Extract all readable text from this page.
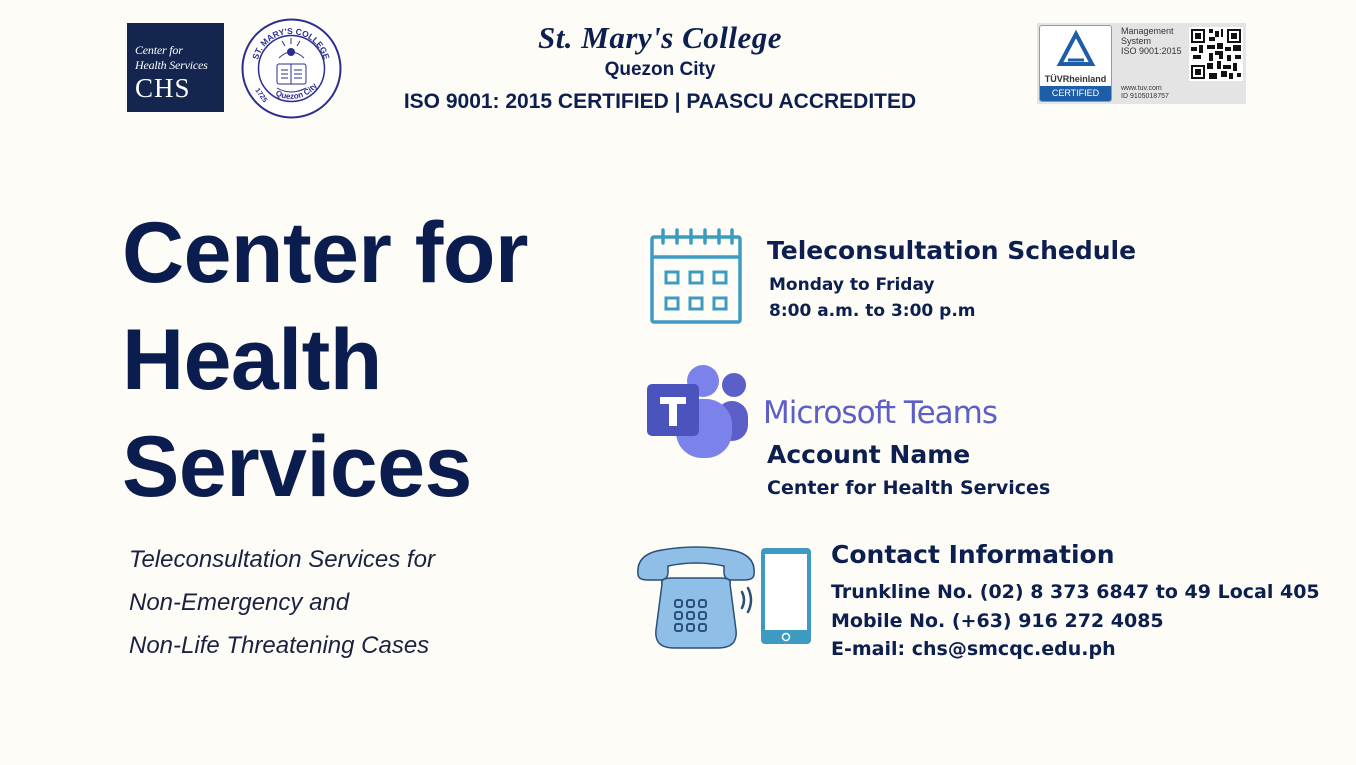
Center for
Health Services
CHS
ST. MARY'S COLLEGE
Quezon City
1725
St. Mary's College
Quezon City
ISO 9001: 2015 CERTIFIED | PAASCU ACCREDITED
TÜVRheinland
CERTIFIED
Management
System
ISO 9001:2015
www.tuv.com
ID 9105018757
Center for
Health
Services
Teleconsultation Services for
Non-Emergency and
Non-Life Threatening Cases
Teleconsultation Schedule
Monday to Friday
8:00 a.m. to 3:00 p.m
Microsoft Teams
Account Name
Center for Health Services
Contact Information
Trunkline No. (02) 8 373 6847 to 49 Local 405
Mobile No. (+63) 916 272 4085
E-mail: chs@smcqc.edu.ph
